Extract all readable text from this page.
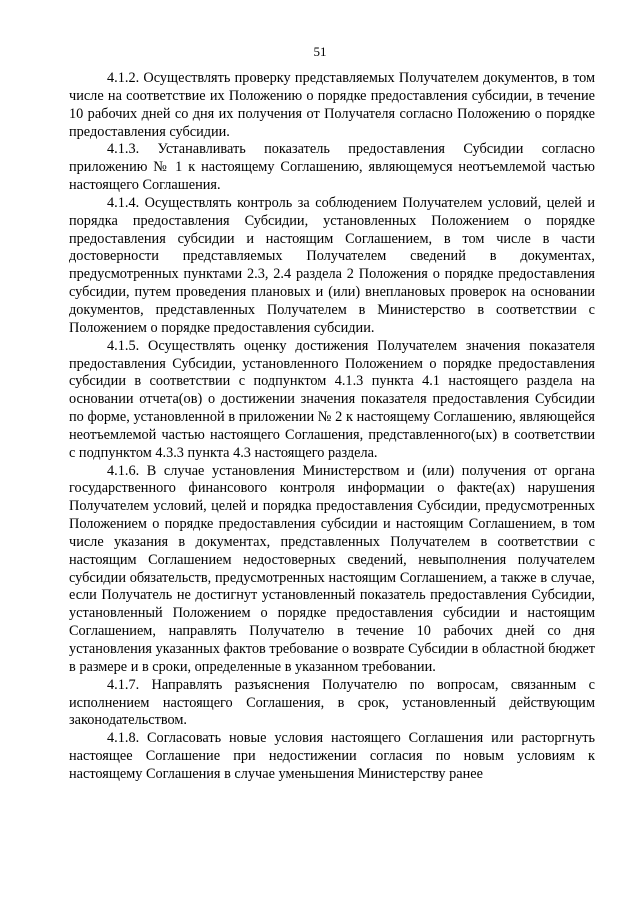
51

4.1.2. Осуществлять проверку представляемых Получателем документов, в том числе на соответствие их Положению о порядке предоставления субсидии, в течение 10 рабочих дней со дня их получения от Получателя согласно Положению о порядке предоставления субсидии.

4.1.3. Устанавливать показатель предоставления Субсидии согласно приложению № 1 к настоящему Соглашению, являющемуся неотъемлемой частью настоящего Соглашения.

4.1.4. Осуществлять контроль за соблюдением Получателем условий, целей и порядка предоставления Субсидии, установленных Положением о порядке предоставления субсидии и настоящим Соглашением, в том числе в части достоверности представляемых Получателем сведений в документах, предусмотренных пунктами 2.3, 2.4 раздела 2 Положения о порядке предоставления субсидии, путем проведения плановых и (или) внеплановых проверок на основании документов, представленных Получателем в Министерство в соответствии с Положением о порядке предоставления субсидии.

4.1.5. Осуществлять оценку достижения Получателем значения показателя предоставления Субсидии, установленного Положением о порядке предоставления субсидии в соответствии с подпунктом 4.1.3 пункта 4.1 настоящего раздела на основании отчета(ов) о достижении значения показателя предоставления Субсидии по форме, установленной в приложении № 2 к настоящему Соглашению, являющейся неотъемлемой частью настоящего Соглашения, представленного(ых) в соответствии с подпунктом 4.3.3 пункта 4.3 настоящего раздела.

4.1.6. В случае установления Министерством и (или) получения от органа государственного финансового контроля информации о факте(ах) нарушения Получателем условий, целей и порядка предоставления Субсидии, предусмотренных Положением о порядке предоставления субсидии и настоящим Соглашением, в том числе указания в документах, представленных Получателем в соответствии с настоящим Соглашением недостоверных сведений, невыполнения получателем субсидии обязательств, предусмотренных настоящим Соглашением, а также в случае, если Получатель не достигнут установленный показатель предоставления Субсидии, установленный Положением о порядке предоставления субсидии и настоящим Соглашением, направлять Получателю в течение 10 рабочих дней со дня установления указанных фактов требование о возврате Субсидии в областной бюджет в размере и в сроки, определенные в указанном требовании.

4.1.7. Направлять разъяснения Получателю по вопросам, связанным с исполнением настоящего Соглашения, в срок, установленный действующим законодательством.

4.1.8. Согласовать новые условия настоящего Соглашения или расторгнуть настоящее Соглашение при недостижении согласия по новым условиям к настоящему Соглашения в случае уменьшения Министерству ранее
